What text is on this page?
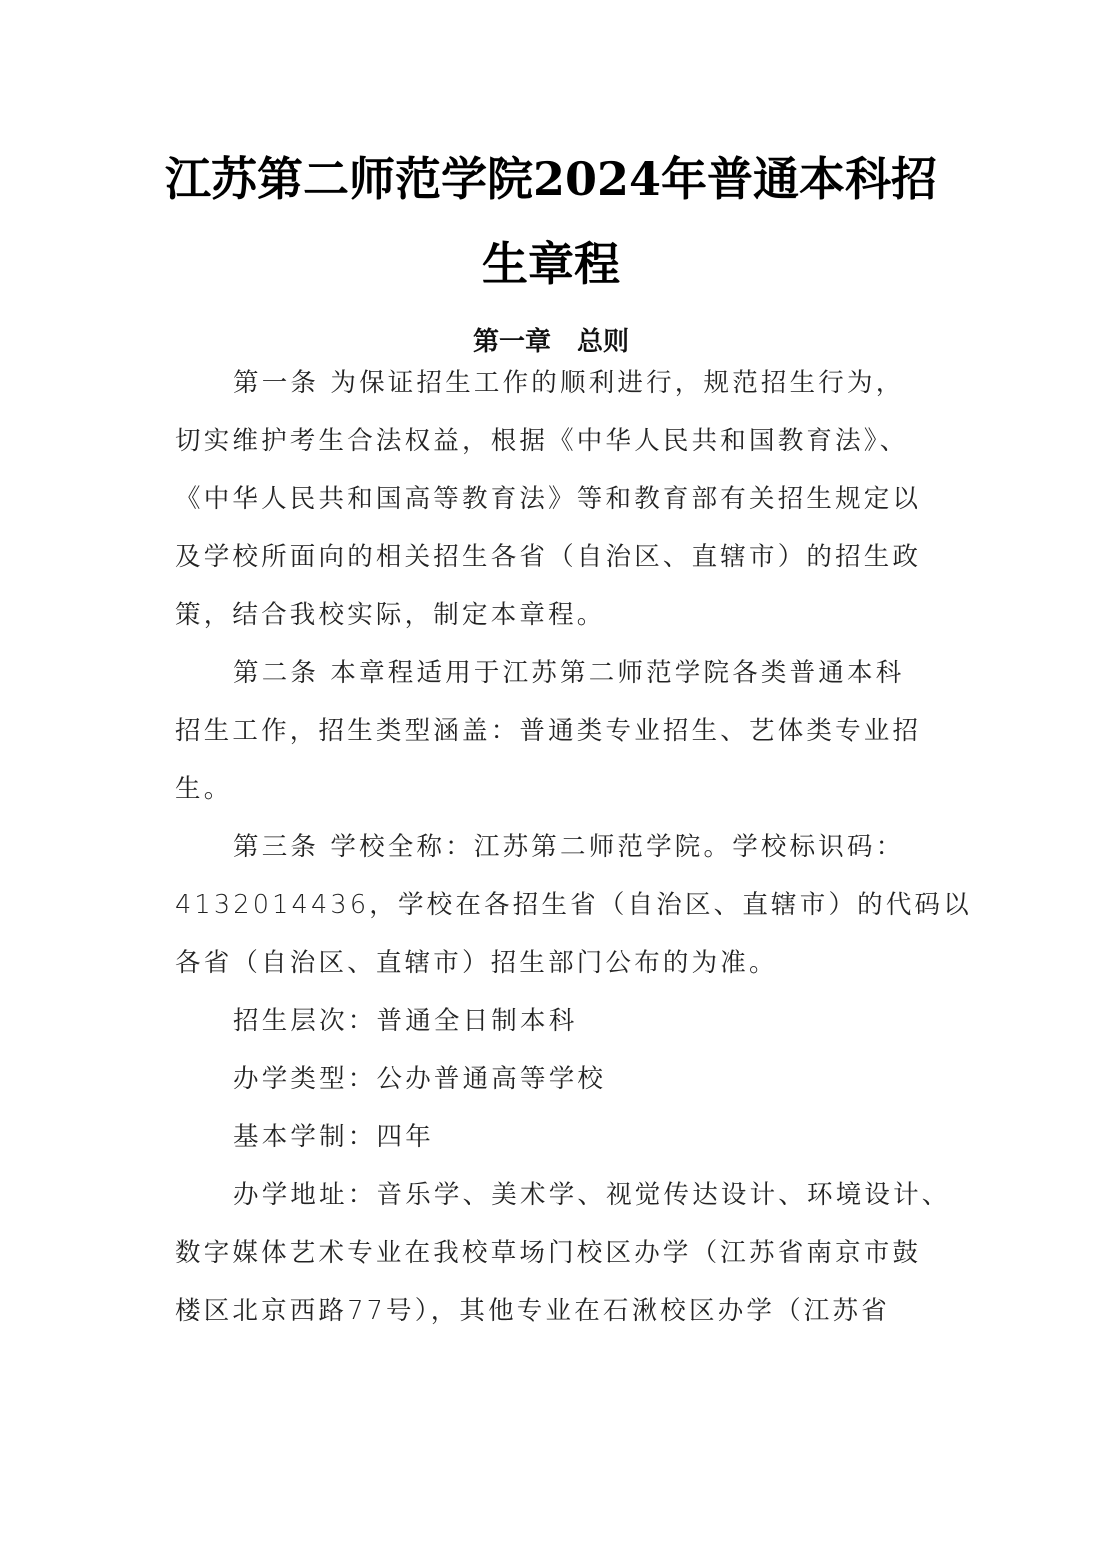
江苏第二师范学院2024年普通本科招
生章程
第一章　总则
第一条 为保证招生工作的顺利进行，规范招生行为，
切实维护考生合法权益，根据《中华人民共和国教育法》、
《中华人民共和国高等教育法》等和教育部有关招生规定以
及学校所面向的相关招生各省（自治区、直辖市）的招生政
策，结合我校实际，制定本章程。
第二条 本章程适用于江苏第二师范学院各类普通本科
招生工作，招生类型涵盖：普通类专业招生、艺体类专业招
生。
第三条 学校全称：江苏第二师范学院。学校标识码：
4132014436，学校在各招生省（自治区、直辖市）的代码以
各省（自治区、直辖市）招生部门公布的为准。
招生层次：普通全日制本科
办学类型：公办普通高等学校
基本学制：四年
办学地址：音乐学、美术学、视觉传达设计、环境设计、
数字媒体艺术专业在我校草场门校区办学（江苏省南京市鼓
楼区北京西路77号），其他专业在石湫校区办学（江苏省
